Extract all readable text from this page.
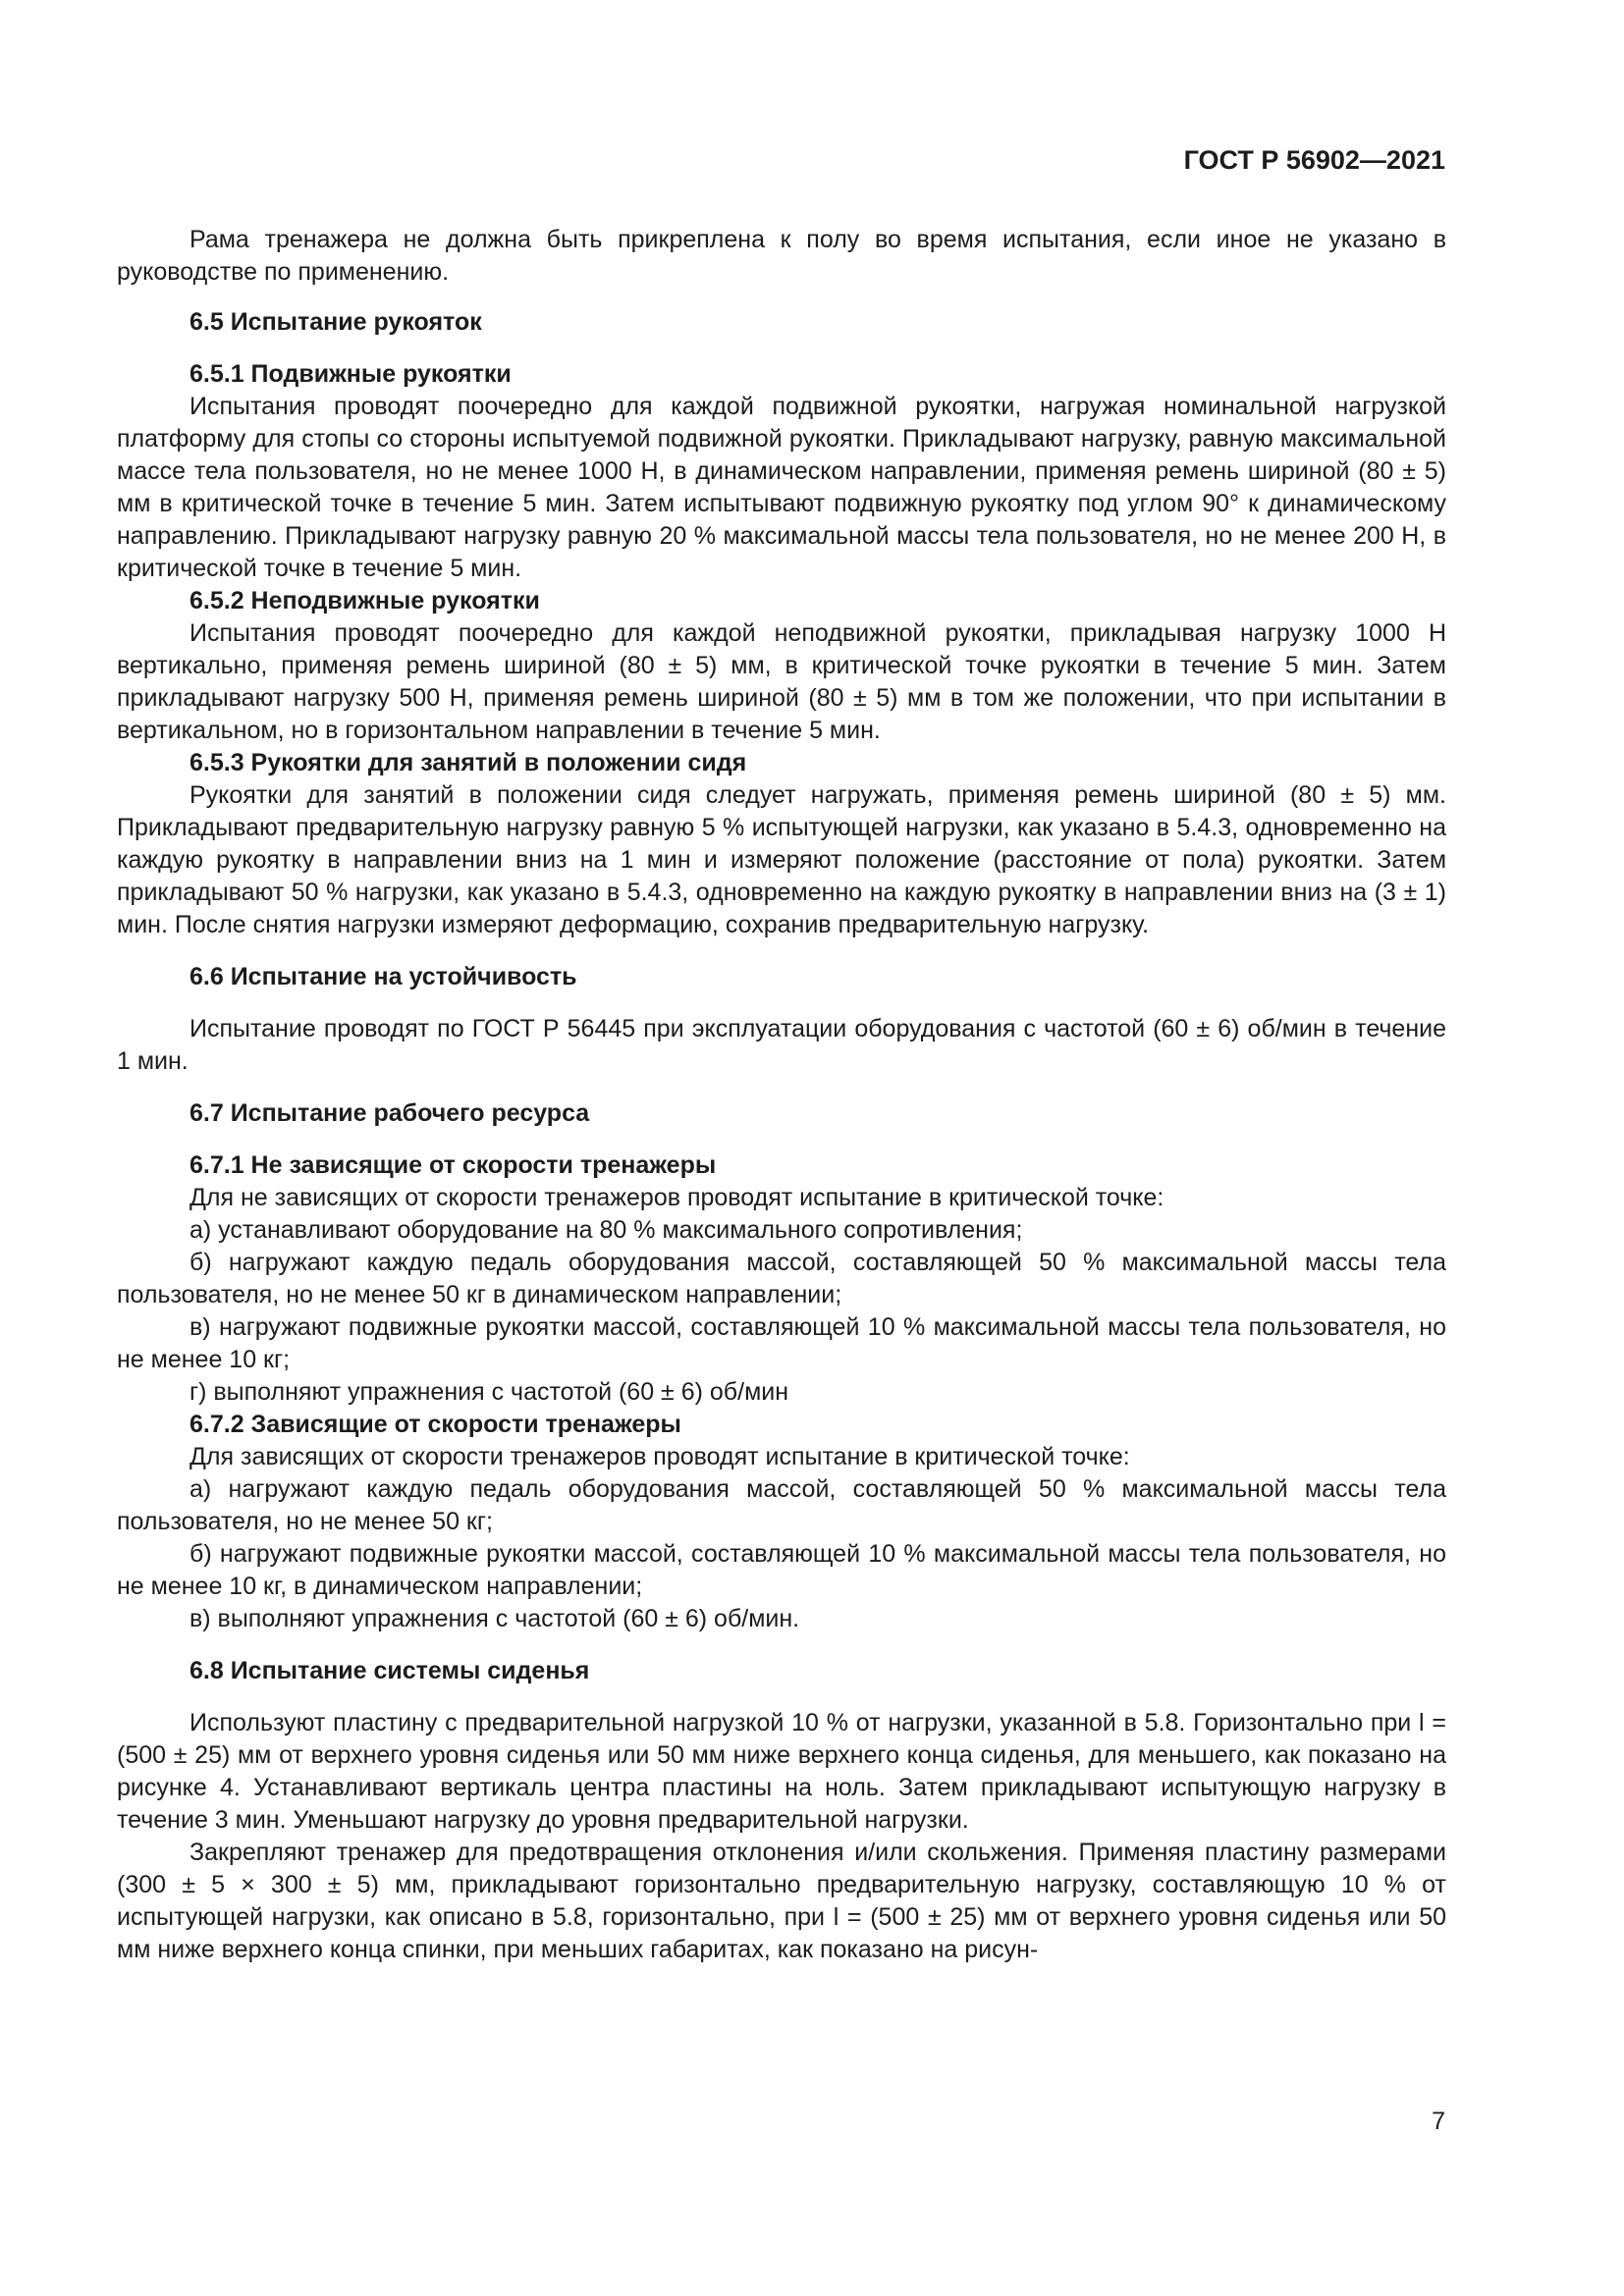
ГОСТ Р 56902—2021

Рама тренажера не должна быть прикреплена к полу во время испытания, если иное не указано в руководстве по применению.

6.5 Испытание рукояток
6.5.1 Подвижные рукоятки

Испытания проводят поочередно для каждой подвижной рукоятки, нагружая номинальной нагрузкой платформу для стопы со стороны испытуемой подвижной рукоятки. Прикладывают нагрузку, равную максимальной массе тела пользователя, но не менее 1000 Н, в динамическом направлении, применяя ремень шириной (80 ± 5) мм в критической точке в течение 5 мин. Затем испытывают подвижную рукоятку под углом 90° к динамическому направлению. Прикладывают нагрузку равную 20 % максимальной массы тела пользователя, но не менее 200 Н, в критической точке в течение 5 мин.

6.5.2 Неподвижные рукоятки

Испытания проводят поочередно для каждой неподвижной рукоятки, прикладывая нагрузку 1000 Н вертикально, применяя ремень шириной (80 ± 5) мм, в критической точке рукоятки в течение 5 мин. Затем прикладывают нагрузку 500 Н, применяя ремень шириной (80 ± 5) мм в том же положении, что при испытании в вертикальном, но в горизонтальном направлении в течение 5 мин.

6.5.3 Рукоятки для занятий в положении сидя

Рукоятки для занятий в положении сидя следует нагружать, применяя ремень шириной (80 ± 5) мм. Прикладывают предварительную нагрузку равную 5 % испытующей нагрузки, как указано в 5.4.3, одновременно на каждую рукоятку в направлении вниз на 1 мин и измеряют положение (расстояние от пола) рукоятки. Затем прикладывают 50 % нагрузки, как указано в 5.4.3, одновременно на каждую рукоятку в направлении вниз на (3 ± 1) мин. После снятия нагрузки измеряют деформацию, сохранив предварительную нагрузку.

6.6 Испытание на устойчивость

Испытание проводят по ГОСТ Р 56445 при эксплуатации оборудования с частотой (60 ± 6) об/мин в течение 1 мин.

6.7 Испытание рабочего ресурса
6.7.1 Не зависящие от скорости тренажеры

Для не зависящих от скорости тренажеров проводят испытание в критической точке:

а) устанавливают оборудование на 80 % максимального сопротивления;

б) нагружают каждую педаль оборудования массой, составляющей 50 % максимальной массы тела пользователя, но не менее 50 кг в динамическом направлении;

в) нагружают подвижные рукоятки массой, составляющей 10 % максимальной массы тела пользователя, но не менее 10 кг;

г) выполняют упражнения с частотой (60 ± 6) об/мин

6.7.2 Зависящие от скорости тренажеры

Для зависящих от скорости тренажеров проводят испытание в критической точке:

а) нагружают каждую педаль оборудования массой, составляющей 50 % максимальной массы тела пользователя, но не менее 50 кг;

б) нагружают подвижные рукоятки массой, составляющей 10 % максимальной массы тела пользователя, но не менее 10 кг, в динамическом направлении;

в) выполняют упражнения с частотой (60 ± 6) об/мин.

6.8 Испытание системы сиденья

Используют пластину с предварительной нагрузкой 10 % от нагрузки, указанной в 5.8. Горизонтально при l = (500 ± 25) мм от верхнего уровня сиденья или 50 мм ниже верхнего конца сиденья, для меньшего, как показано на рисунке 4. Устанавливают вертикаль центра пластины на ноль. Затем прикладывают испытующую нагрузку в течение 3 мин. Уменьшают нагрузку до уровня предварительной нагрузки.

Закрепляют тренажер для предотвращения отклонения и/или скольжения. Применяя пластину размерами (300 ± 5 × 300 ± 5) мм, прикладывают горизонтально предварительную нагрузку, составляющую 10 % от испытующей нагрузки, как описано в 5.8, горизонтально, при l = (500 ± 25) мм от верхнего уровня сиденья или 50 мм ниже верхнего конца спинки, при меньших габаритах, как показано на рисун-

7
